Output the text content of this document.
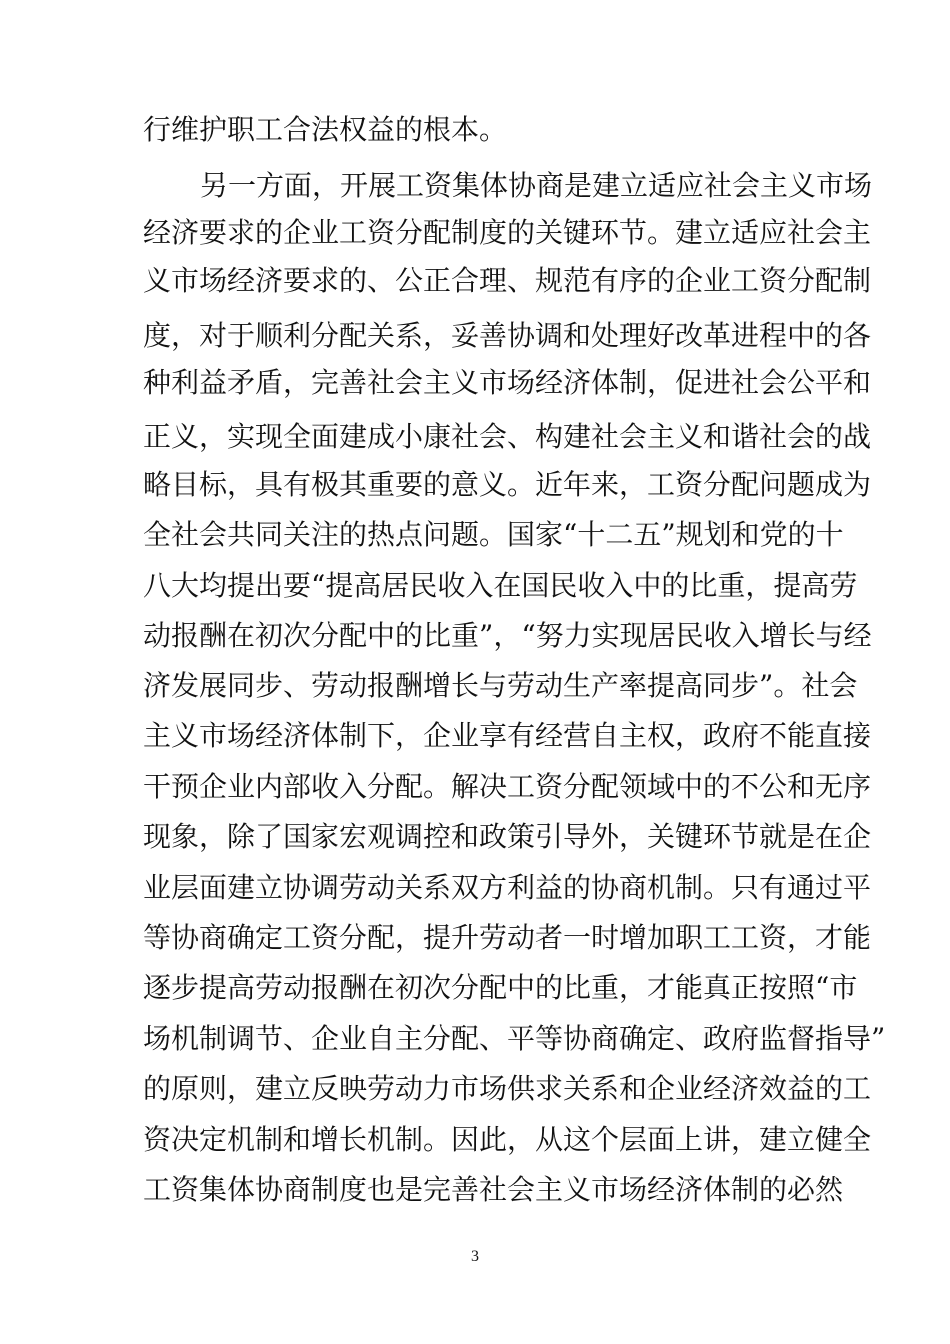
行维护职工合法权益的根本。
另一方面，开展工资集体协商是建立适应社会主义市场
经济要求的企业工资分配制度的关键环节。建立适应社会主
义市场经济要求的、公正合理、规范有序的企业工资分配制
度，对于顺利分配关系，妥善协调和处理好改革进程中的各
种利益矛盾，完善社会主义市场经济体制，促进社会公平和
正义，实现全面建成小康社会、构建社会主义和谐社会的战
略目标，具有极其重要的意义。近年来，工资分配问题成为
全社会共同关注的热点问题。国家“十二五”规划和党的十
八大均提出要“提高居民收入在国民收入中的比重，提高劳
动报酬在初次分配中的比重”，“努力实现居民收入增长与经
济发展同步、劳动报酬增长与劳动生产率提高同步”。社会
主义市场经济体制下，企业享有经营自主权，政府不能直接
干预企业内部收入分配。解决工资分配领域中的不公和无序
现象，除了国家宏观调控和政策引导外，关键环节就是在企
业层面建立协调劳动关系双方利益的协商机制。只有通过平
等协商确定工资分配，提升劳动者一时增加职工工资，才能
逐步提高劳动报酬在初次分配中的比重，才能真正按照“市
场机制调节、企业自主分配、平等协商确定、政府监督指导”
的原则，建立反映劳动力市场供求关系和企业经济效益的工
资决定机制和增长机制。因此，从这个层面上讲，建立健全
工资集体协商制度也是完善社会主义市场经济体制的必然
3
